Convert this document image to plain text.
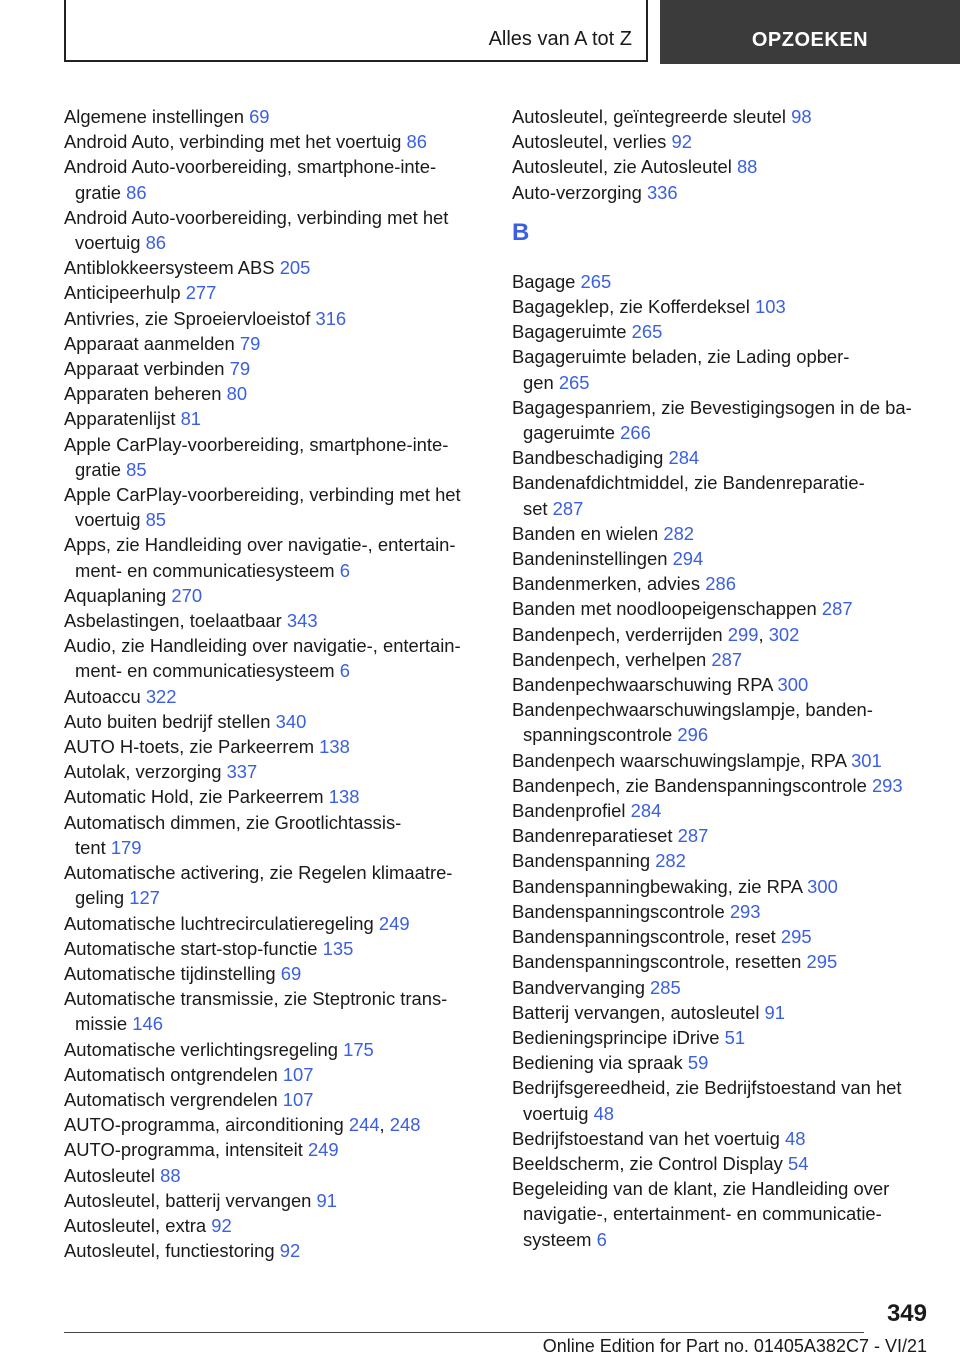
Alles van A tot Z	OPZOEKEN
Algemene instellingen 69
Android Auto, verbinding met het voertuig 86
Android Auto-voorbereiding, smartphone-inte-
gratie 86
Android Auto-voorbereiding, verbinding met het
voertuig 86
Antiblokkeersysteem ABS 205
Anticipeerhulp 277
Antivries, zie Sproeiervloeistof 316
Apparaat aanmelden 79
Apparaat verbinden 79
Apparaten beheren 80
Apparatenlijst 81
Apple CarPlay-voorbereiding, smartphone-inte-
gratie 85
Apple CarPlay-voorbereiding, verbinding met het
voertuig 85
Apps, zie Handleiding over navigatie-, entertain-
ment- en communicatiesysteem 6
Aquaplaning 270
Asbelastingen, toelaatbaar 343
Audio, zie Handleiding over navigatie-, entertain-
ment- en communicatiesysteem 6
Autoaccu 322
Auto buiten bedrijf stellen 340
AUTO H-toets, zie Parkeerrem 138
Autolak, verzorging 337
Automatic Hold, zie Parkeerrem 138
Automatisch dimmen, zie Grootlichtassis-
tent 179
Automatische activering, zie Regelen klimaatre-
geling 127
Automatische luchtrecirculatieregeling 249
Automatische start-stop-functie 135
Automatische tijdinstelling 69
Automatische transmissie, zie Steptronic trans-
missie 146
Automatische verlichtingsregeling 175
Automatisch ontgrendelen 107
Automatisch vergrendelen 107
AUTO-programma, airconditioning 244, 248
AUTO-programma, intensiteit 249
Autosleutel 88
Autosleutel, batterij vervangen 91
Autosleutel, extra 92
Autosleutel, functiestoring 92
Autosleutel, geïntegreerde sleutel 98
Autosleutel, verlies 92
Autosleutel, zie Autosleutel 88
Auto-verzorging 336
B
Bagage 265
Bagageklep, zie Kofferdeksel 103
Bagageruimte 265
Bagageruimte beladen, zie Lading opber-
gen 265
Bagagespanriem, zie Bevestigingsogen in de ba-
gageruimte 266
Bandbeschadiging 284
Bandenafdichtmiddel, zie Bandenreparatie-
set 287
Banden en wielen 282
Bandeninstellingen 294
Bandenmerken, advies 286
Banden met noodloopeigenschappen 287
Bandenpech, verderrijden 299, 302
Bandenpech, verhelpen 287
Bandenpechwaarschuwing RPA 300
Bandenpechwaarschuwingslampje, banden-
spanningscontrole 296
Bandenpech waarschuwingslampje, RPA 301
Bandenpech, zie Bandenspanningscontrole 293
Bandenprofiel 284
Bandenreparatieset 287
Bandenspanning 282
Bandenspanningbewaking, zie RPA 300
Bandenspanningscontrole 293
Bandenspanningscontrole, reset 295
Bandenspanningscontrole, resetten 295
Bandvervanging 285
Batterij vervangen, autosleutel 91
Bedieningsprincipe iDrive 51
Bediening via spraak 59
Bedrijfsgereedheid, zie Bedrijfstoestand van het
voertuig 48
Bedrijfstoestand van het voertuig 48
Beeldscherm, zie Control Display 54
Begeleiding van de klant, zie Handleiding over
navigatie-, entertainment- en communicatie-
systeem 6
349
Online Edition for Part no. 01405A382C7 - VI/21
